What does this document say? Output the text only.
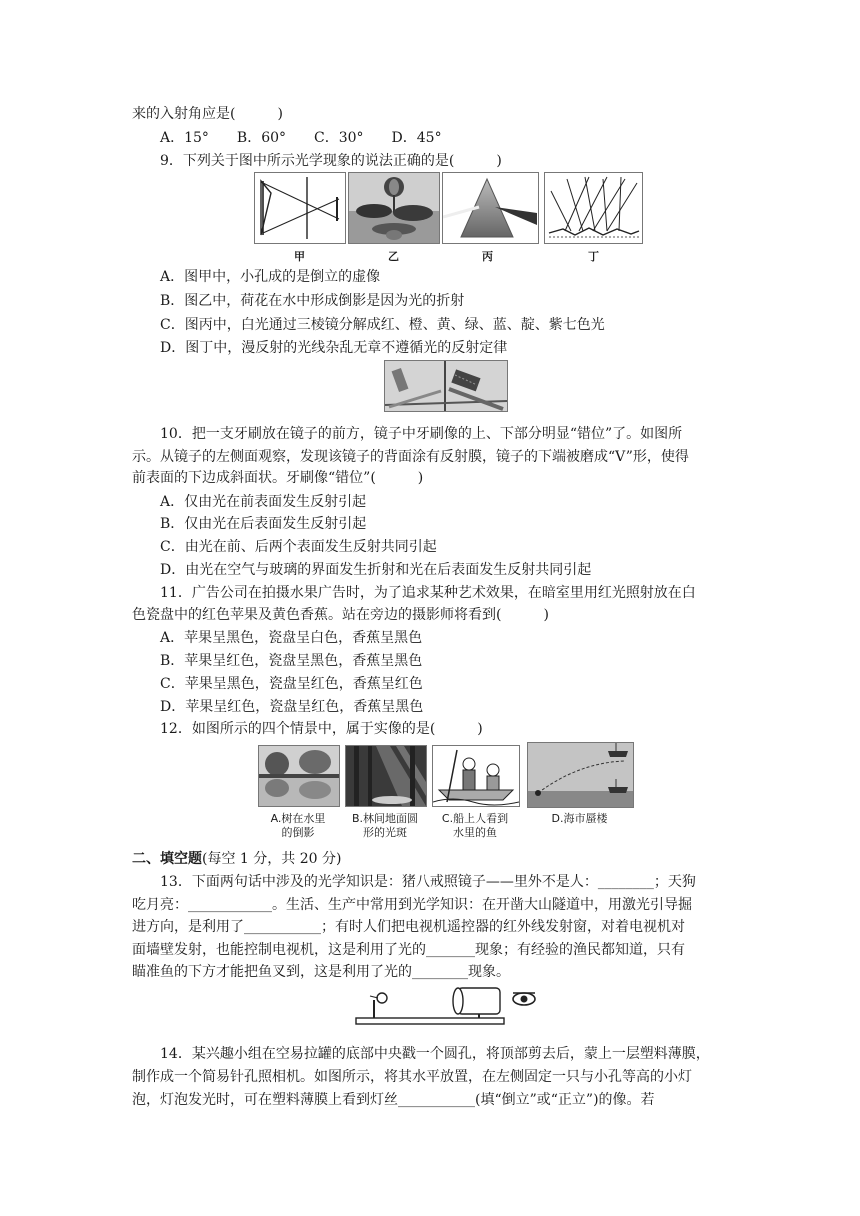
来的入射角应是(　　　)
A．15°　　B．60°　　C．30°　　D．45°
9．下列关于图中所示光学现象的说法正确的是(　　　)
甲	乙	丙	丁
A．图甲中，小孔成的是倒立的虚像
B．图乙中，荷花在水中形成倒影是因为光的折射
C．图丙中，白光通过三棱镜分解成红、橙、黄、绿、蓝、靛、紫七色光
D．图丁中，漫反射的光线杂乱无章不遵循光的反射定律
10．把一支牙刷放在镜子的前方，镜子中牙刷像的上、下部分明显“错位”了。如图所
示。从镜子的左侧面观察，发现该镜子的背面涂有反射膜，镜子的下端被磨成“V”形，使得
前表面的下边成斜面状。牙刷像“错位”(　　　)
A．仅由光在前表面发生反射引起
B．仅由光在后表面发生反射引起
C．由光在前、后两个表面发生反射共同引起
D．由光在空气与玻璃的界面发生折射和光在后表面发生反射共同引起
11．广告公司在拍摄水果广告时，为了追求某种艺术效果，在暗室里用红光照射放在白
色瓷盘中的红色苹果及黄色香蕉。站在旁边的摄影师将看到(　　　)
A．苹果呈黑色，瓷盘呈白色，香蕉呈黑色
B．苹果呈红色，瓷盘呈黑色，香蕉呈黑色
C．苹果呈黑色，瓷盘呈红色，香蕉呈红色
D．苹果呈红色，瓷盘呈红色，香蕉呈黑色
12．如图所示的四个情景中，属于实像的是(　　　)
A.树在水里
的倒影
B.林间地面圆
形的光斑
C.船上人看到
水里的鱼
D.海市蜃楼
二、填空题(每空 1 分，共 20 分)
13．下面两句话中涉及的光学知识是：猪八戒照镜子——里外不是人：________；天狗
吃月亮：____________。生活、生产中常用到光学知识：在开凿大山隧道中，用激光引导掘
进方向，是利用了___________；有时人们把电视机遥控器的红外线发射窗，对着电视机对
面墙壁发射，也能控制电视机，这是利用了光的_______现象；有经验的渔民都知道，只有
瞄准鱼的下方才能把鱼叉到，这是利用了光的________现象。
14．某兴趣小组在空易拉罐的底部中央戳一个圆孔，将顶部剪去后，蒙上一层塑料薄膜，
制作成一个简易针孔照相机。如图所示，将其水平放置，在左侧固定一只与小孔等高的小灯
泡，灯泡发光时，可在塑料薄膜上看到灯丝___________(填“倒立”或“正立”)的像。若
